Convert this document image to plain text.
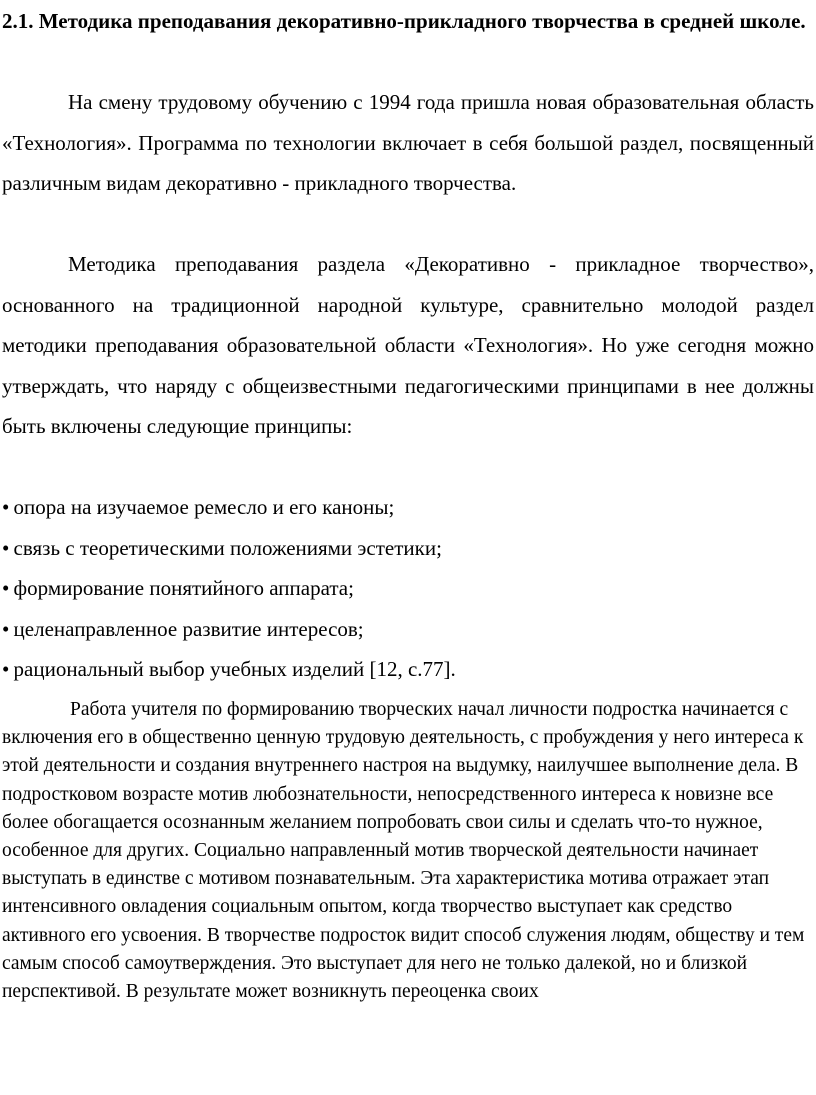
2.1. Методика преподавания декоративно-прикладного творчества в средней школе.

На смену трудовому обучению с 1994 года пришла новая образовательная область «Технология». Программа по технологии включает в себя большой раздел, посвященный различным видам декоративно - прикладного творчества.

Методика преподавания раздела «Декоративно - прикладное творчество», основанного на традиционной народной культуре, сравнительно молодой раздел методики преподавания образовательной области «Технология». Но уже сегодня можно утверждать, что наряду с общеизвестными педагогическими принципами в нее должны быть включены следующие принципы:

• опора на изучаемое ремесло и его каноны;
• связь с теоретическими положениями эстетики;
• формирование понятийного аппарата;
• целенаправленное развитие интересов;
• рациональный выбор учебных изделий [12, с.77].

Работа учителя по формированию творческих начал личности подростка начинается с включения его в общественно ценную трудовую деятельность, с пробуждения у него интереса к этой деятельности и создания внутреннего настроя на выдумку, наилучшее выполнение дела. В подростковом возрасте мотив любознательности, непосредственного интереса к новизне все более обогащается осознанным желанием попробовать свои силы и сделать что-то нужное, особенное для других. Социально направленный мотив творческой деятельности начинает выступать в единстве с мотивом познавательным. Эта характеристика мотива отражает этап интенсивного овладения социальным опытом, когда творчество выступает как средство активного его усвоения. В творчестве подросток видит способ служения людям, обществу и тем самым способ самоутверждения. Это выступает для него не только далекой, но и близкой перспективой. В результате может возникнуть переоценка своих
